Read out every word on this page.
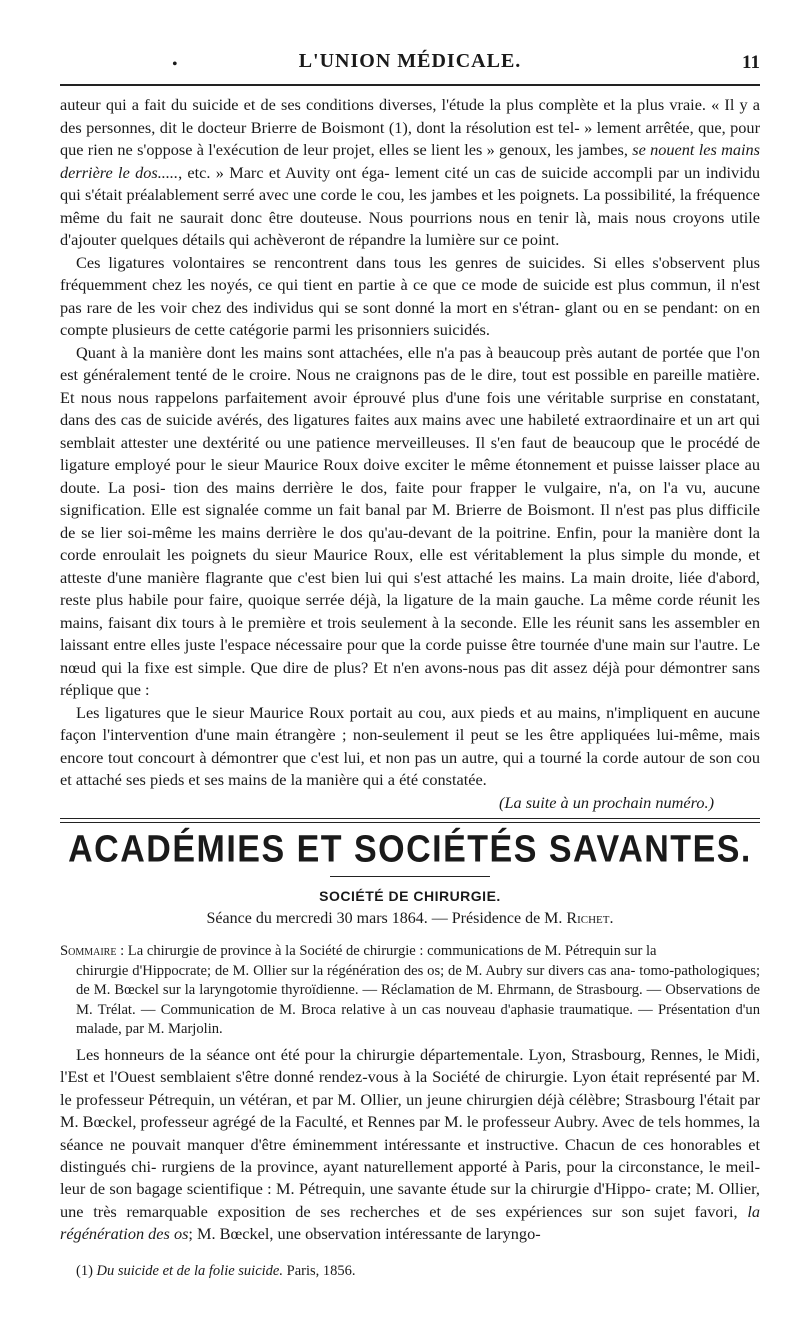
•	L'UNION MÉDICALE.	11

auteur qui a fait du suicide et de ses conditions diverses, l'étude la plus complète et la plus vraie. « Il y a des personnes, dit le docteur Brierre de Boismont (1), dont la résolution est tel- » lement arrêtée, que, pour que rien ne s'oppose à l'exécution de leur projet, elles se lient les » genoux, les jambes, se nouent les mains derrière le dos....., etc. » Marc et Auvity ont éga- lement cité un cas de suicide accompli par un individu qui s'était préalablement serré avec une corde le cou, les jambes et les poignets. La possibilité, la fréquence même du fait ne saurait donc être douteuse. Nous pourrions nous en tenir là, mais nous croyons utile d'ajouter quelques détails qui achèveront de répandre la lumière sur ce point.

Ces ligatures volontaires se rencontrent dans tous les genres de suicides. Si elles s'observent plus fréquemment chez les noyés, ce qui tient en partie à ce que ce mode de suicide est plus commun, il n'est pas rare de les voir chez des individus qui se sont donné la mort en s'étran- glant ou en se pendant: on en compte plusieurs de cette catégorie parmi les prisonniers suicidés.

Quant à la manière dont les mains sont attachées, elle n'a pas à beaucoup près autant de portée que l'on est généralement tenté de le croire. Nous ne craignons pas de le dire, tout est possible en pareille matière. Et nous nous rappelons parfaitement avoir éprouvé plus d'une fois une véritable surprise en constatant, dans des cas de suicide avérés, des ligatures faites aux mains avec une habileté extraordinaire et un art qui semblait attester une dextérité ou une patience merveilleuses. Il s'en faut de beaucoup que le procédé de ligature employé pour le sieur Maurice Roux doive exciter le même étonnement et puisse laisser place au doute. La posi- tion des mains derrière le dos, faite pour frapper le vulgaire, n'a, on l'a vu, aucune signification. Elle est signalée comme un fait banal par M. Brierre de Boismont. Il n'est pas plus difficile de se lier soi-même les mains derrière le dos qu'au-devant de la poitrine. Enfin, pour la manière dont la corde enroulait les poignets du sieur Maurice Roux, elle est véritablement la plus simple du monde, et atteste d'une manière flagrante que c'est bien lui qui s'est attaché les mains. La main droite, liée d'abord, reste plus habile pour faire, quoique serrée déjà, la ligature de la main gauche. La même corde réunit les mains, faisant dix tours à le première et trois seulement à la seconde. Elle les réunit sans les assembler en laissant entre elles juste l'espace nécessaire pour que la corde puisse être tournée d'une main sur l'autre. Le nœud qui la fixe est simple. Que dire de plus? Et n'en avons-nous pas dit assez déjà pour démontrer sans réplique que :

Les ligatures que le sieur Maurice Roux portait au cou, aux pieds et au mains, n'impliquent en aucune façon l'intervention d'une main étrangère ; non-seulement il peut se les être appliquées lui-même, mais encore tout concourt à démontrer que c'est lui, et non pas un autre, qui a tourné la corde autour de son cou et attaché ses pieds et ses mains de la manière qui a été constatée.

(La suite à un prochain numéro.)

ACADÉMIES ET SOCIÉTÉS SAVANTES.
SOCIÉTÉ DE CHIRURGIE.
Séance du mercredi 30 mars 1864. — Présidence de M. Richet.
Sommaire : La chirurgie de province à la Société de chirurgie : communications de M. Pétrequin sur la
chirurgie d'Hippocrate; de M. Ollier sur la régénération des os; de M. Aubry sur divers cas ana- tomo-pathologiques; de M. Bœckel sur la laryngotomie thyroïdienne. — Réclamation de M. Ehrmann, de Strasbourg. — Observations de M. Trélat. — Communication de M. Broca relative à un cas nouveau d'aphasie traumatique. — Présentation d'un malade, par M. Marjolin.

Les honneurs de la séance ont été pour la chirurgie départementale. Lyon, Strasbourg, Rennes, le Midi, l'Est et l'Ouest semblaient s'être donné rendez-vous à la Société de chirurgie. Lyon était représenté par M. le professeur Pétrequin, un vétéran, et par M. Ollier, un jeune chirurgien déjà célèbre; Strasbourg l'était par M. Bœckel, professeur agrégé de la Faculté, et Rennes par M. le professeur Aubry. Avec de tels hommes, la séance ne pouvait manquer d'être éminemment intéressante et instructive. Chacun de ces honorables et distingués chi- rurgiens de la province, ayant naturellement apporté à Paris, pour la circonstance, le meil- leur de son bagage scientifique : M. Pétrequin, une savante étude sur la chirurgie d'Hippo- crate; M. Ollier, une très remarquable exposition de ses recherches et de ses expériences sur son sujet favori, la régénération des os; M. Bœckel, une observation intéressante de laryngo-

(1) Du suicide et de la folie suicide. Paris, 1856.
